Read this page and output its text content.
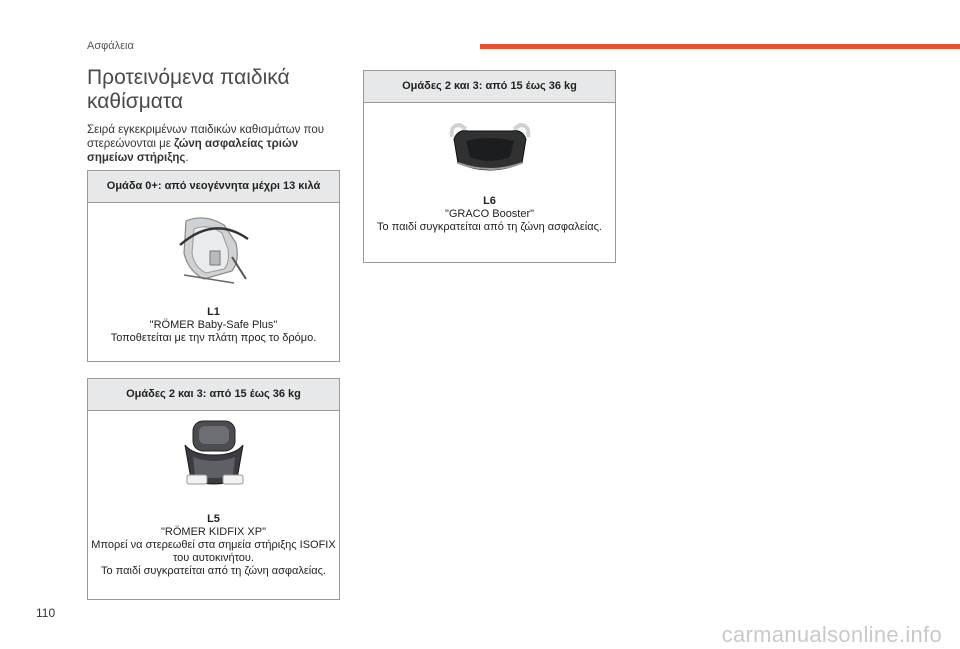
Ασφάλεια
Προτεινόμενα παιδικά
καθίσματα
Σειρά εγκεκριμένων παιδικών καθισμάτων που στερεώνονται με ζώνη ασφαλείας τριών σημείων στήριξης.
Ομάδα 0+: από νεογέννητα μέχρι 13 κιλά
L1
"RÖMER Baby-Safe Plus"
Τοποθετείται με την πλάτη προς το δρόμο.
Ομάδες 2 και 3: από 15 έως 36 kg
L5
"RÖMER KIDFIX XP"
Μπορεί να στερεωθεί στα σημεία στήριξης ISOFIX
του αυτοκινήτου.
Το παιδί συγκρατείται από τη ζώνη ασφαλείας.
Ομάδες 2 και 3: από 15 έως 36 kg
L6
"GRACO Booster"
Το παιδί συγκρατείται από τη ζώνη ασφαλείας.
110
carmanualsonline.info
